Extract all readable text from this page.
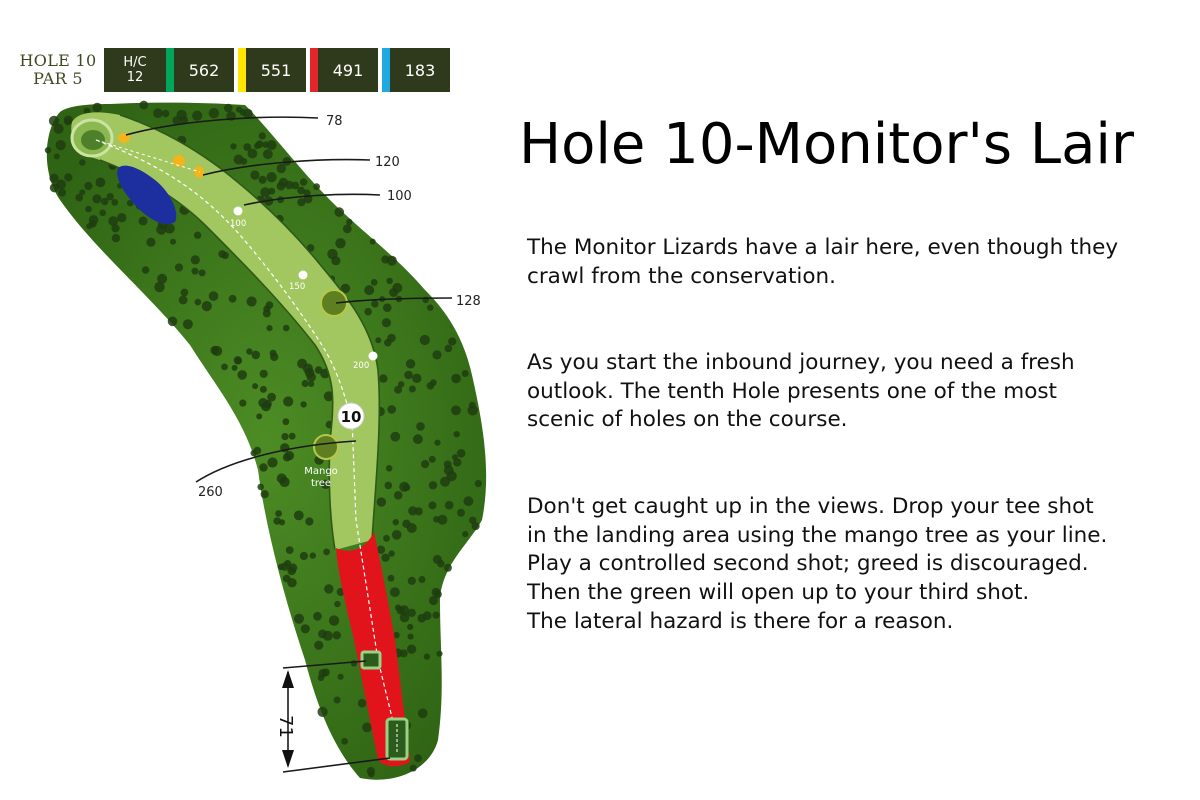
HOLE 10
PAR 5
H/C
12	562	551	491	183
78
120
100
128
260
100
150
200
10
Mango
tree
71
Hole 10-Monitor's Lair

The Monitor Lizards have a lair here, even though they
crawl from the conservation.

As you start the inbound journey, you need a fresh
outlook. The tenth Hole presents one of the most
scenic of holes on the course.

Don't get caught up in the views. Drop your tee shot
in the landing area using the mango tree as your line.
Play a controlled second shot; greed is discouraged.
Then the green will open up to your third shot.
The lateral hazard is there for a reason.
